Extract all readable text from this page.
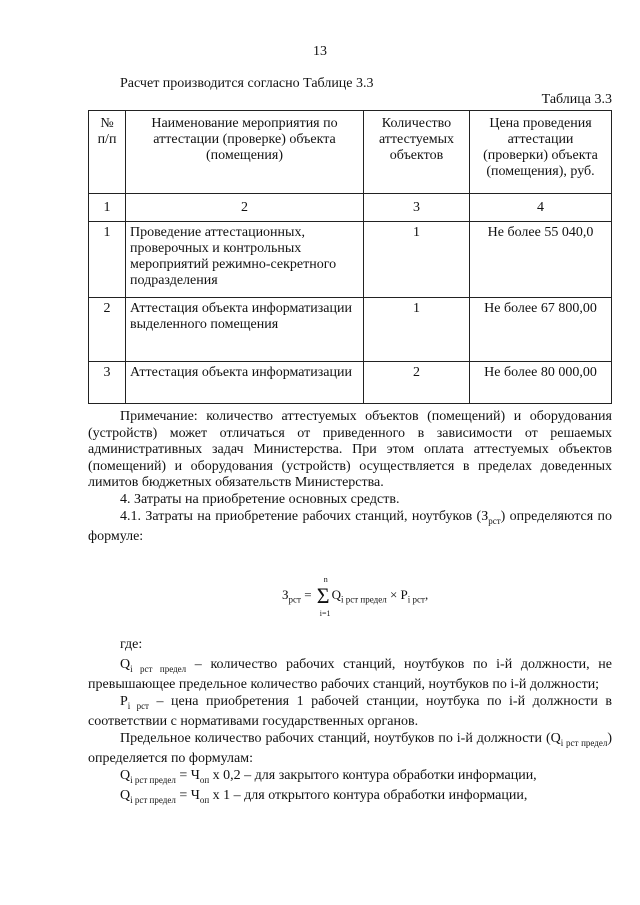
13
Расчет производится согласно Таблице 3.3
Таблица 3.3
№ п/п	Наименование мероприятия по аттестации (проверке) объекта (помещения)	Количество аттестуемых объектов	Цена проведения аттестации (проверки) объекта (помещения), руб.
1	2	3	4
1	Проведение аттестационных, проверочных и контрольных мероприятий режимно-секретного подразделения	1	Не более 55 040,0
2	Аттестация объекта информатизации выделенного помещения	1	Не более 67 800,00
3	Аттестация объекта информатизации	2	Не более 80 000,00

Примечание: количество аттестуемых объектов (помещений) и оборудования (устройств) может отличаться от приведенного в зависимости от решаемых административных задач Министерства. При этом оплата аттестуемых объектов (помещений) и оборудования (устройств) осуществляется в пределах доведенных лимитов бюджетных обязательств Министерства.

4. Затраты на приобретение основных средств.

4.1. Затраты на приобретение рабочих станций, ноутбуков $(З_{рст})$ определяются по формуле:

$З_{рст} = \Sigma$
n
i=1
$Q_{i рст предел} \times P_{i рст}$,

где:

$Q_{i рст предел}$ – количество рабочих станций, ноутбуков по i-й должности, не превышающее предельное количество рабочих станций, ноутбуков по i-й должности;

$P_{i рст}$ – цена приобретения 1 рабочей станции, ноутбука по i-й должности в соответствии с нормативами государственных органов.

Предельное количество рабочих станций, ноутбуков по i-й должности $(Q_{i рст предел})$ определяется по формулам:

$Q_{i рст предел} = Ч_{оп}$ x 0,2 – для закрытого контура обработки информации,

$Q_{i рст предел} = Ч_{оп}$ x 1 – для открытого контура обработки информации,
